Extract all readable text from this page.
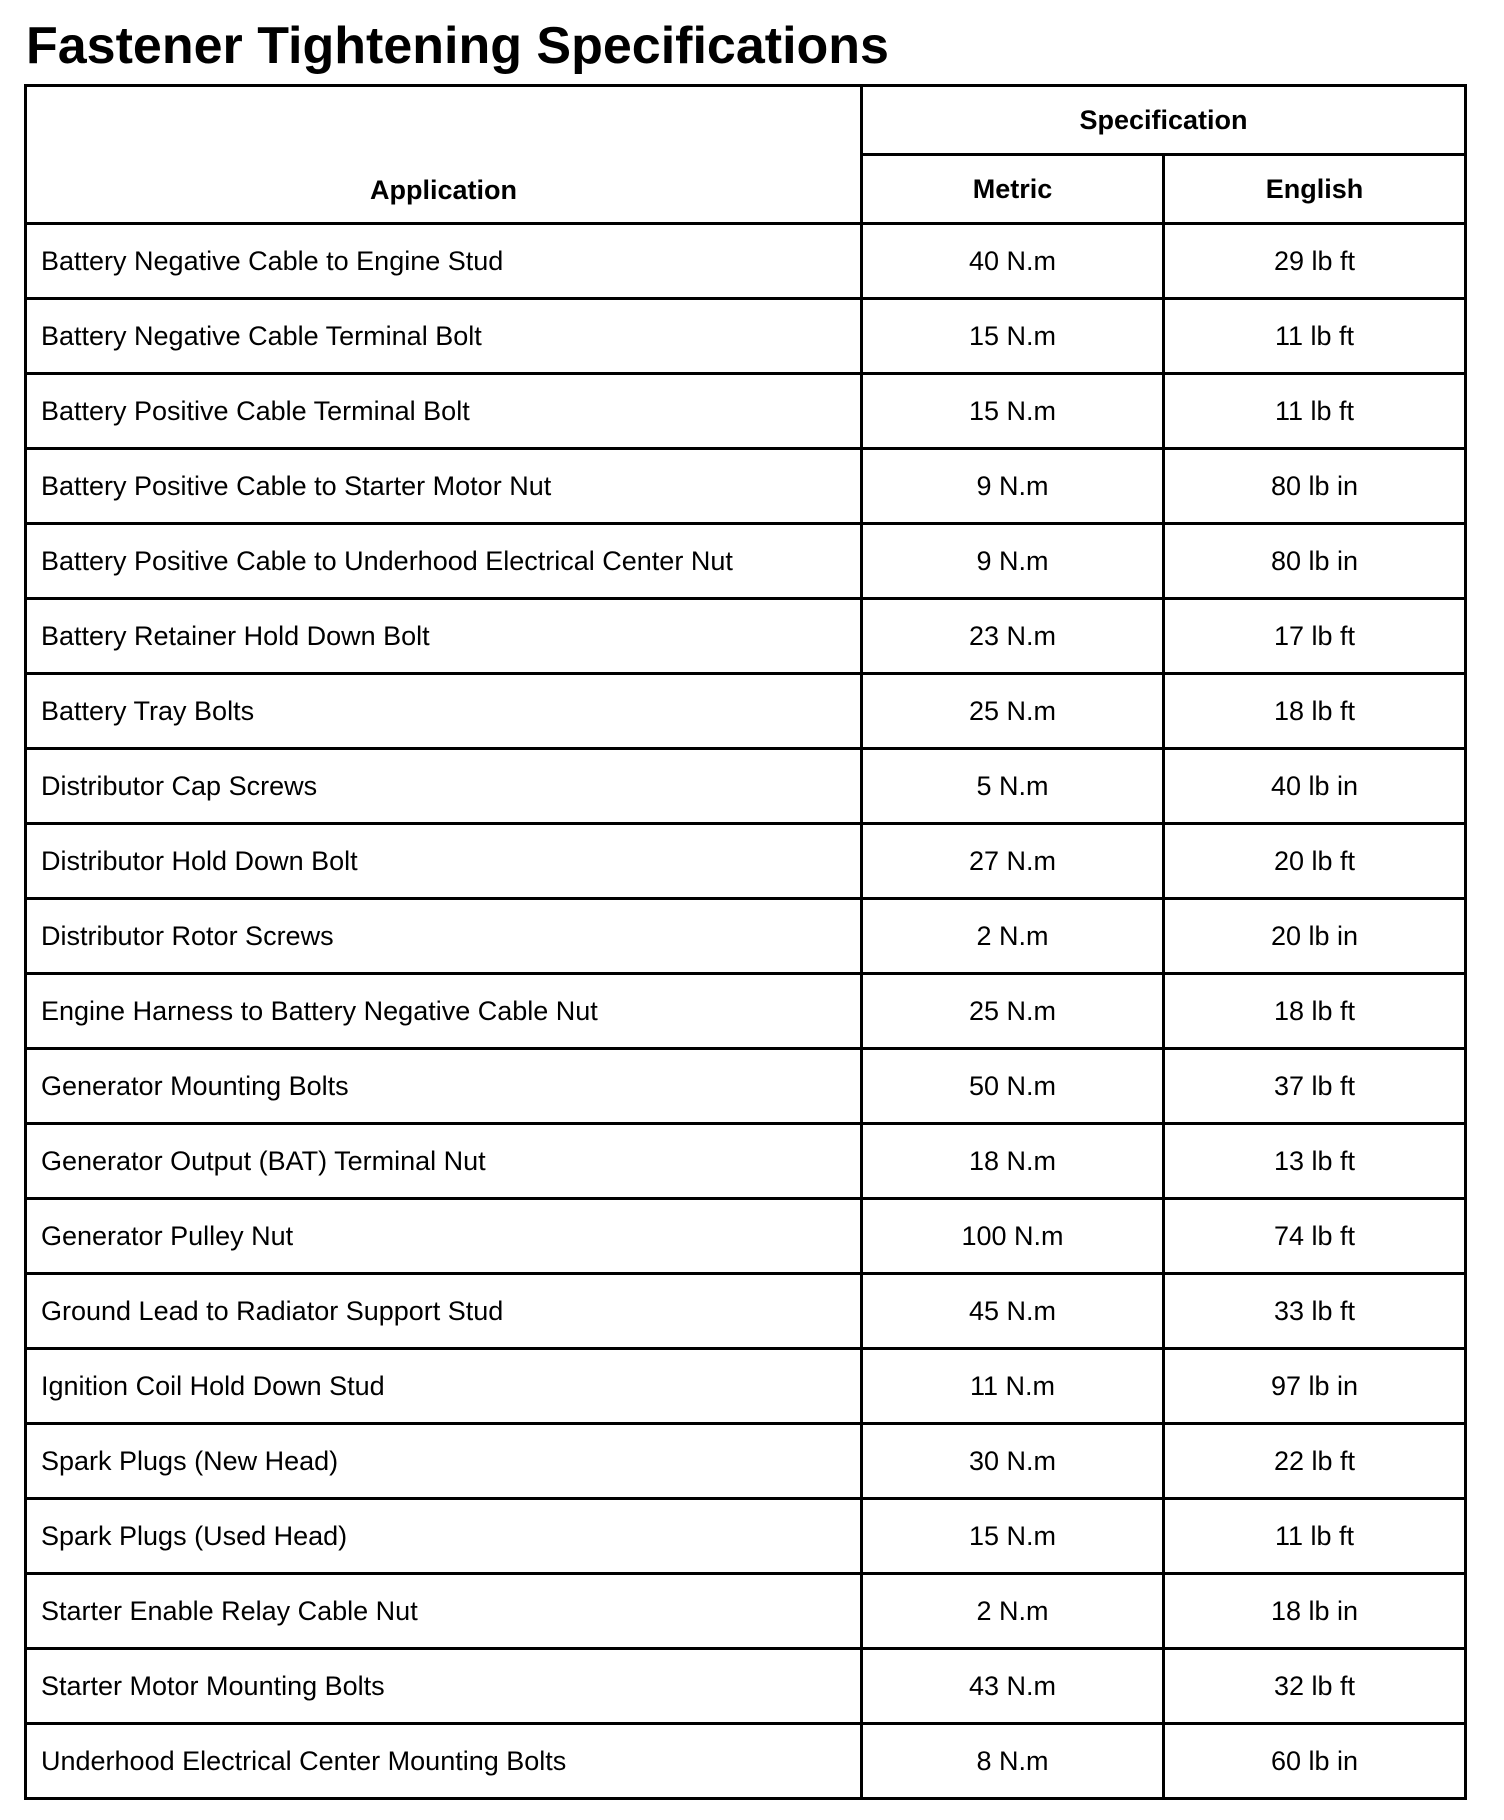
Fastener Tightening Specifications
Application	Specification	
	Metric	English
Battery Negative Cable to Engine Stud	40 N.m	29 lb ft
Battery Negative Cable Terminal Bolt	15 N.m	11 lb ft
Battery Positive Cable Terminal Bolt	15 N.m	11 lb ft
Battery Positive Cable to Starter Motor Nut	9 N.m	80 lb in
Battery Positive Cable to Underhood Electrical Center Nut	9 N.m	80 lb in
Battery Retainer Hold Down Bolt	23 N.m	17 lb ft
Battery Tray Bolts	25 N.m	18 lb ft
Distributor Cap Screws	5 N.m	40 lb in
Distributor Hold Down Bolt	27 N.m	20 lb ft
Distributor Rotor Screws	2 N.m	20 lb in
Engine Harness to Battery Negative Cable Nut	25 N.m	18 lb ft
Generator Mounting Bolts	50 N.m	37 lb ft
Generator Output (BAT) Terminal Nut	18 N.m	13 lb ft
Generator Pulley Nut	100 N.m	74 lb ft
Ground Lead to Radiator Support Stud	45 N.m	33 lb ft
Ignition Coil Hold Down Stud	11 N.m	97 lb in
Spark Plugs (New Head)	30 N.m	22 lb ft
Spark Plugs (Used Head)	15 N.m	11 lb ft
Starter Enable Relay Cable Nut	2 N.m	18 lb in
Starter Motor Mounting Bolts	43 N.m	32 lb ft
Underhood Electrical Center Mounting Bolts	8 N.m	60 lb in
